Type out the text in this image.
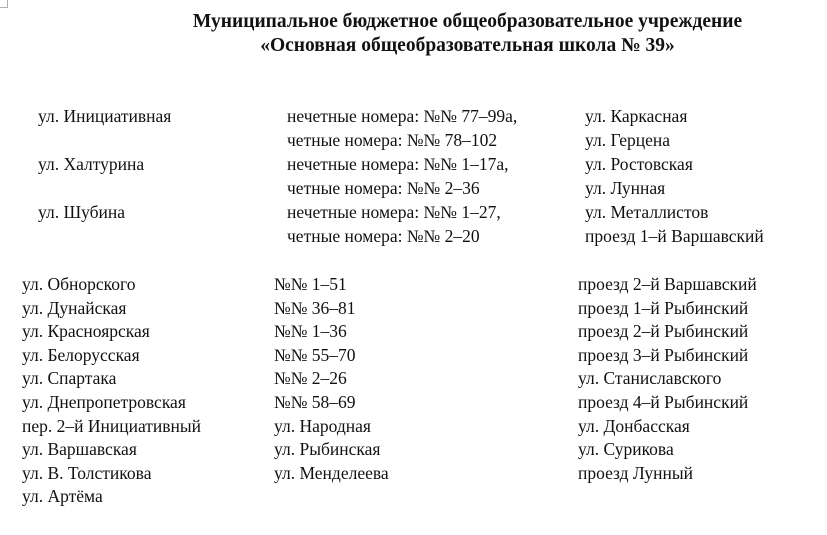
Муниципальное бюджетное общеобразовательное учреждение
«Основная общеобразовательная школа № 39»
ул. Инициативная
ул. Халтурина
ул. Шубина
нечетные номера: №№ 77–99а,
четные номера: №№ 78–102
нечетные номера: №№ 1–17а,
четные номера: №№ 2–36
нечетные номера: №№ 1–27,
четные номера: №№ 2–20
ул. Каркасная
ул. Герцена
ул. Ростовская
ул. Лунная
ул. Металлистов
проезд 1–й Варшавский
ул. Обнорского
ул. Дунайская
ул. Красноярская
ул. Белорусская
ул. Спартака
ул. Днепропетровская
пер. 2–й Инициативный
ул. Варшавская
ул. В. Толстикова
ул. Артёма
№№ 1–51
№№ 36–81
№№ 1–36
№№ 55–70
№№ 2–26
№№ 58–69
ул. Народная
ул. Рыбинская
ул. Менделеева
проезд 2–й Варшавский
проезд 1–й Рыбинский
проезд 2–й Рыбинский
проезд 3–й Рыбинский
ул. Станиславского
проезд 4–й Рыбинский
ул. Донбасская
ул. Сурикова
проезд Лунный
